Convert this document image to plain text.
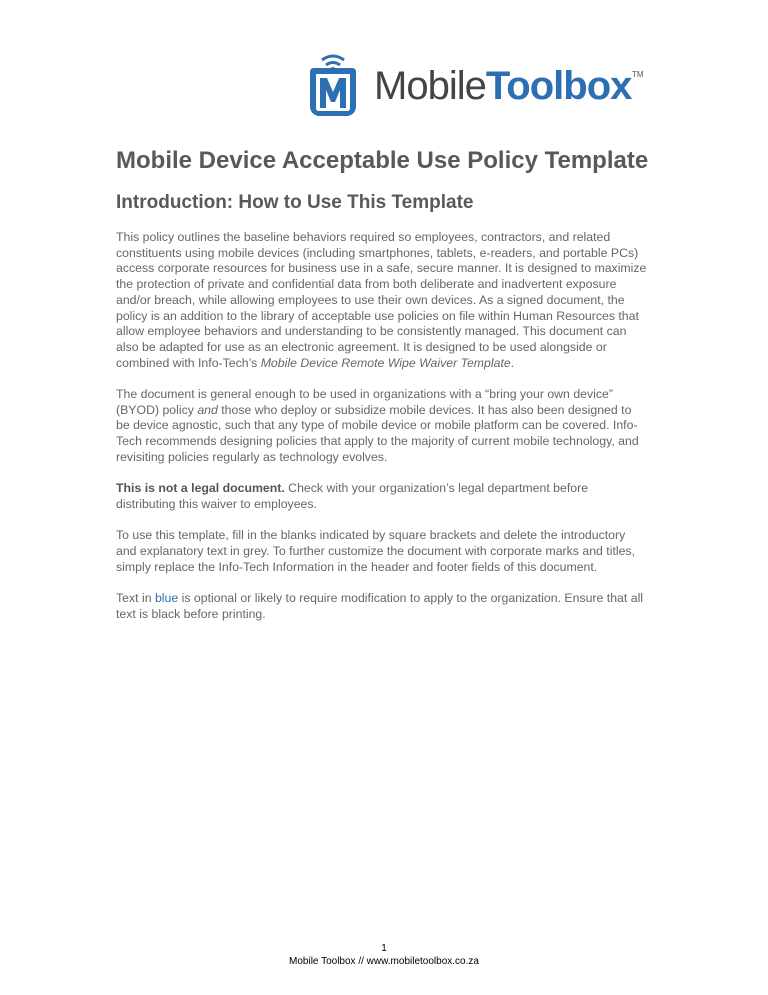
MobileToolbox TM
Mobile Device Acceptable Use Policy Template
Introduction: How to Use This Template

This policy outlines the baseline behaviors required so employees, contractors, and related
constituents using mobile devices (including smartphones, tablets, e-readers, and portable PCs)
access corporate resources for business use in a safe, secure manner. It is designed to maximize
the protection of private and confidential data from both deliberate and inadvertent exposure
and/or breach, while allowing employees to use their own devices. As a signed document, the
policy is an addition to the library of acceptable use policies on file within Human Resources that
allow employee behaviors and understanding to be consistently managed. This document can
also be adapted for use as an electronic agreement. It is designed to be used alongside or
combined with Info-Tech’s Mobile Device Remote Wipe Waiver Template.

The document is general enough to be used in organizations with a “bring your own device”
(BYOD) policy and those who deploy or subsidize mobile devices. It has also been designed to
be device agnostic, such that any type of mobile device or mobile platform can be covered. Info-
Tech recommends designing policies that apply to the majority of current mobile technology, and
revisiting policies regularly as technology evolves.

This is not a legal document. Check with your organization’s legal department before
distributing this waiver to employees.

To use this template, fill in the blanks indicated by square brackets and delete the introductory
and explanatory text in grey. To further customize the document with corporate marks and titles,
simply replace the Info-Tech Information in the header and footer fields of this document.

Text in blue is optional or likely to require modification to apply to the organization. Ensure that all
text is black before printing.

1
Mobile Toolbox // www.mobiletoolbox.co.za
